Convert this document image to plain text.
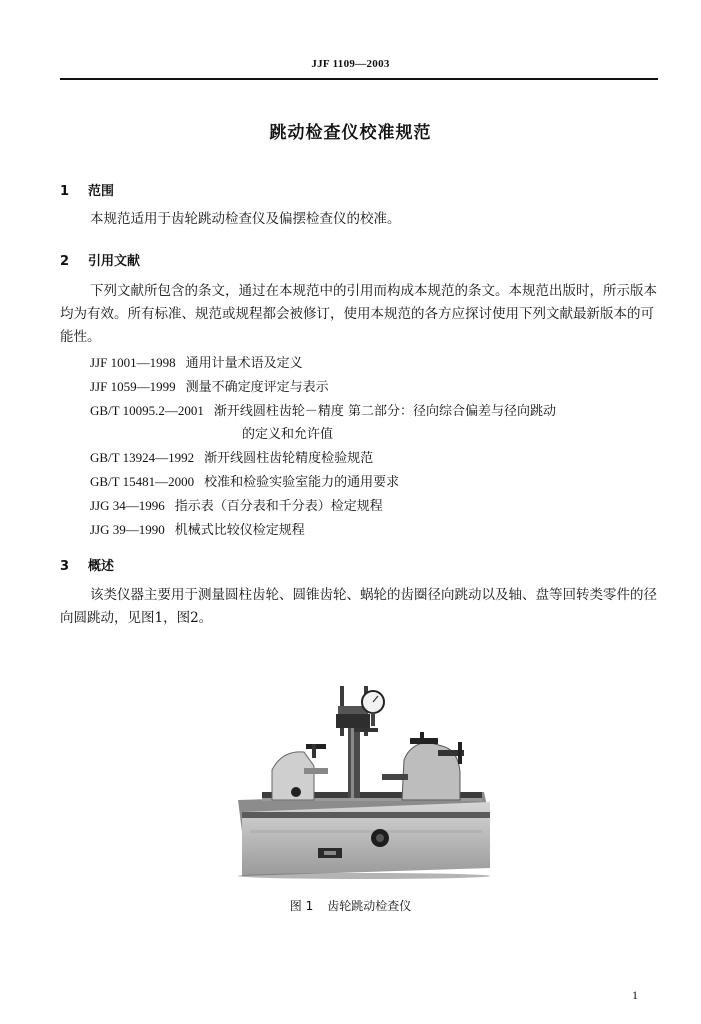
JJF 1109—2003
跳动检查仪校准规范
1 范围
本规范适用于齿轮跳动检查仪及偏摆检查仪的校准。
2 引用文献
下列文献所包含的条文，通过在本规范中的引用而构成本规范的条文。本规范出版时，所示版本均为有效。所有标准、规范或规程都会被修订，使用本规范的各方应探讨使用下列文献最新版本的可能性。
JJF 1001—1998 通用计量术语及定义
JJF 1059—1999 测量不确定度评定与表示
GB/T 10095.2—2001 渐开线圆柱齿轮－精度 第二部分：径向综合偏差与径向跳动
的定义和允许值
GB/T 13924—1992 渐开线圆柱齿轮精度检验规范
GB/T 15481—2000 校准和检验实验室能力的通用要求
JJG 34—1996 指示表（百分表和千分表）检定规程
JJG 39—1990 机械式比较仪检定规程
3 概述
该类仪器主要用于测量圆柱齿轮、圆锥齿轮、蜗轮的齿圈径向跳动以及轴、盘等回转类零件的径向圆跳动，见图1，图2。
图 1 齿轮跳动检查仪
1
